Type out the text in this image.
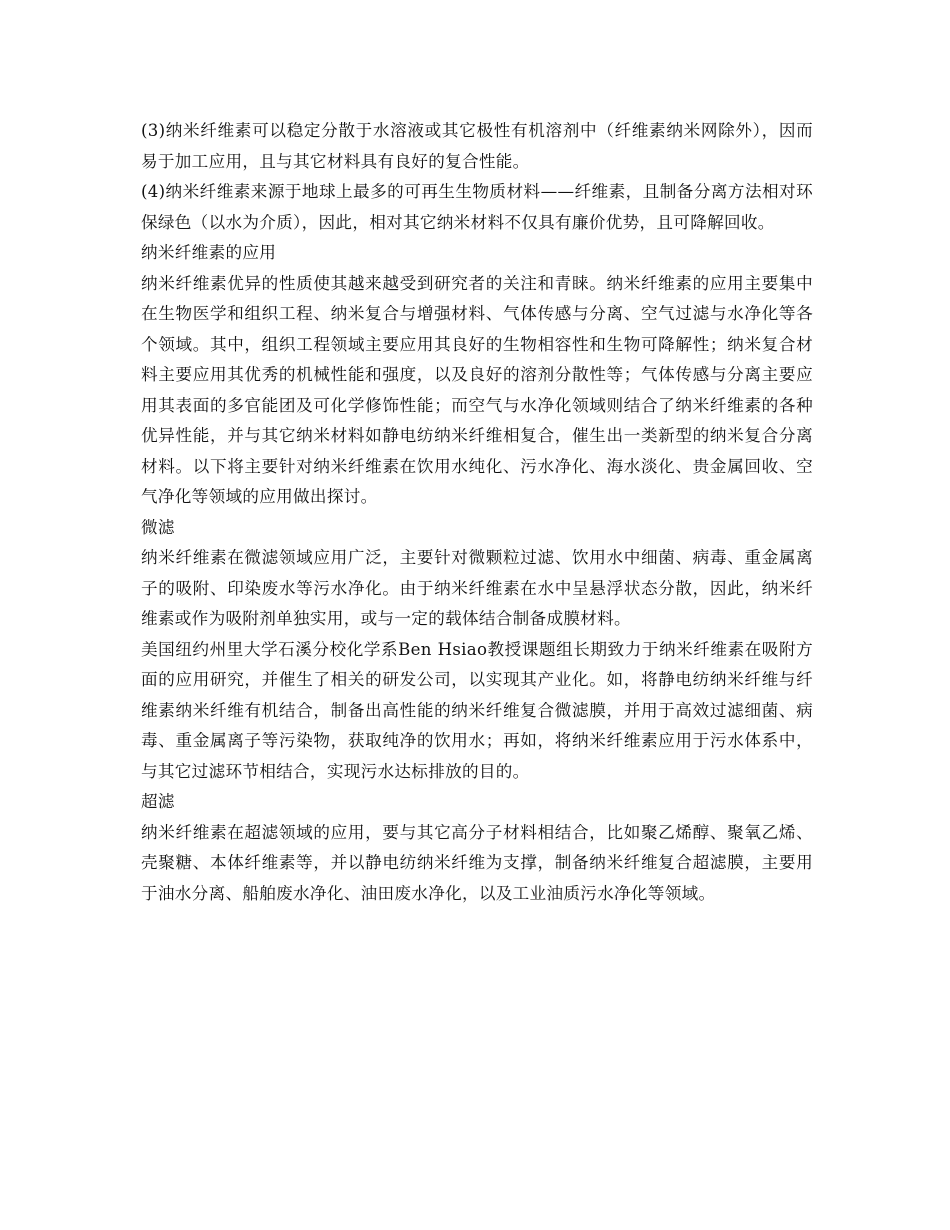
(3)纳米纤维素可以稳定分散于水溶液或其它极性有机溶剂中（纤维素纳米网除外），因而易于加工应用，且与其它材料具有良好的复合性能。

(4)纳米纤维素来源于地球上最多的可再生生物质材料——纤维素，且制备分离方法相对环保绿色（以水为介质），因此，相对其它纳米材料不仅具有廉价优势，且可降解回收。

纳米纤维素的应用

纳米纤维素优异的性质使其越来越受到研究者的关注和青睐。纳米纤维素的应用主要集中在生物医学和组织工程、纳米复合与增强材料、气体传感与分离、空气过滤与水净化等各个领域。其中，组织工程领域主要应用其良好的生物相容性和生物可降解性；纳米复合材料主要应用其优秀的机械性能和强度，以及良好的溶剂分散性等；气体传感与分离主要应用其表面的多官能团及可化学修饰性能；而空气与水净化领域则结合了纳米纤维素的各种优异性能，并与其它纳米材料如静电纺纳米纤维相复合，催生出一类新型的纳米复合分离材料。以下将主要针对纳米纤维素在饮用水纯化、污水净化、海水淡化、贵金属回收、空气净化等领域的应用做出探讨。

微滤

纳米纤维素在微滤领域应用广泛，主要针对微颗粒过滤、饮用水中细菌、病毒、重金属离子的吸附、印染废水等污水净化。由于纳米纤维素在水中呈悬浮状态分散，因此，纳米纤维素或作为吸附剂单独实用，或与一定的载体结合制备成膜材料。

美国纽约州里大学石溪分校化学系Ben Hsiao教授课题组长期致力于纳米纤维素在吸附方面的应用研究，并催生了相关的研发公司，以实现其产业化。如，将静电纺纳米纤维与纤维素纳米纤维有机结合，制备出高性能的纳米纤维复合微滤膜，并用于高效过滤细菌、病毒、重金属离子等污染物，获取纯净的饮用水；再如，将纳米纤维素应用于污水体系中，与其它过滤环节相结合，实现污水达标排放的目的。

超滤

纳米纤维素在超滤领域的应用，要与其它高分子材料相结合，比如聚乙烯醇、聚氧乙烯、壳聚糖、本体纤维素等，并以静电纺纳米纤维为支撑，制备纳米纤维复合超滤膜，主要用于油水分离、船舶废水净化、油田废水净化，以及工业油质污水净化等领域。
